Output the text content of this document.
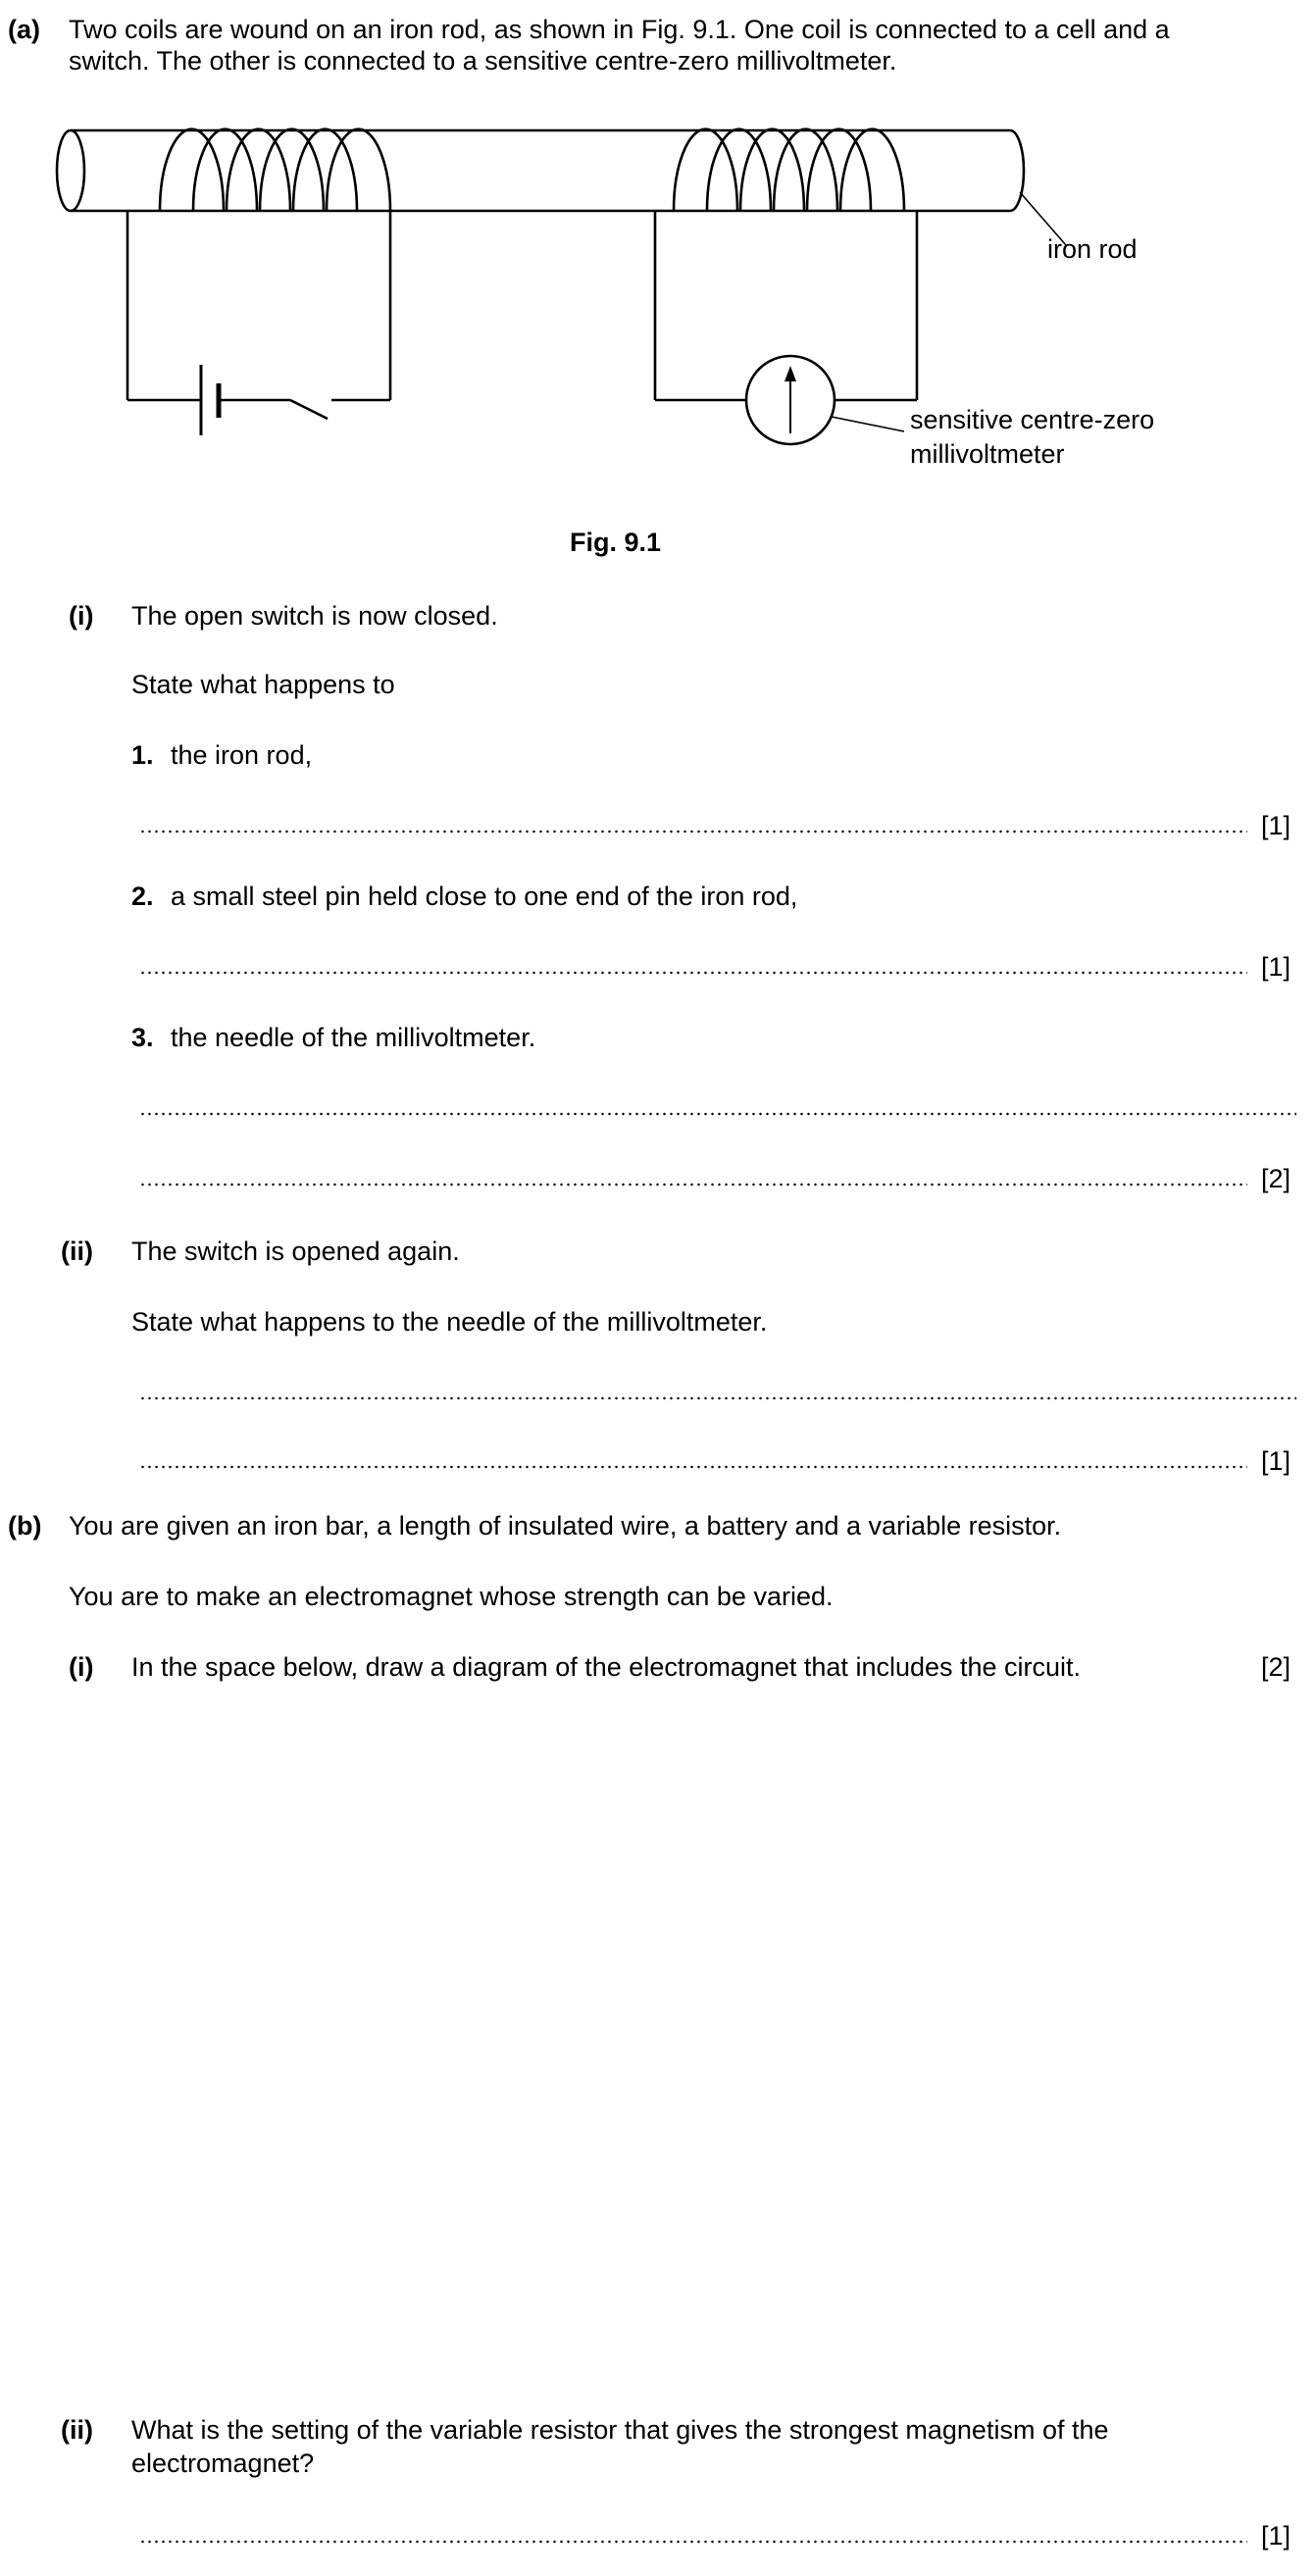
(a) Two coils are wound on an iron rod, as shown in Fig. 9.1. One coil is connected to a cell and a
switch. The other is connected to a sensitive centre-zero millivoltmeter.
iron rod
sensitive centre-zero
millivoltmeter
Fig. 9.1
(i) The open switch is now closed.
State what happens to
1. the iron rod,
[1]
2. a small steel pin held close to one end of the iron rod,
[1]
3. the needle of the millivoltmeter.
[2]
(ii) The switch is opened again.
State what happens to the needle of the millivoltmeter.
[1]
(b) You are given an iron bar, a length of insulated wire, a battery and a variable resistor.
You are to make an electromagnet whose strength can be varied.
(i) In the space below, draw a diagram of the electromagnet that includes the circuit.	[2]
(ii) What is the setting of the variable resistor that gives the strongest magnetism of the
electromagnet?
[1]
